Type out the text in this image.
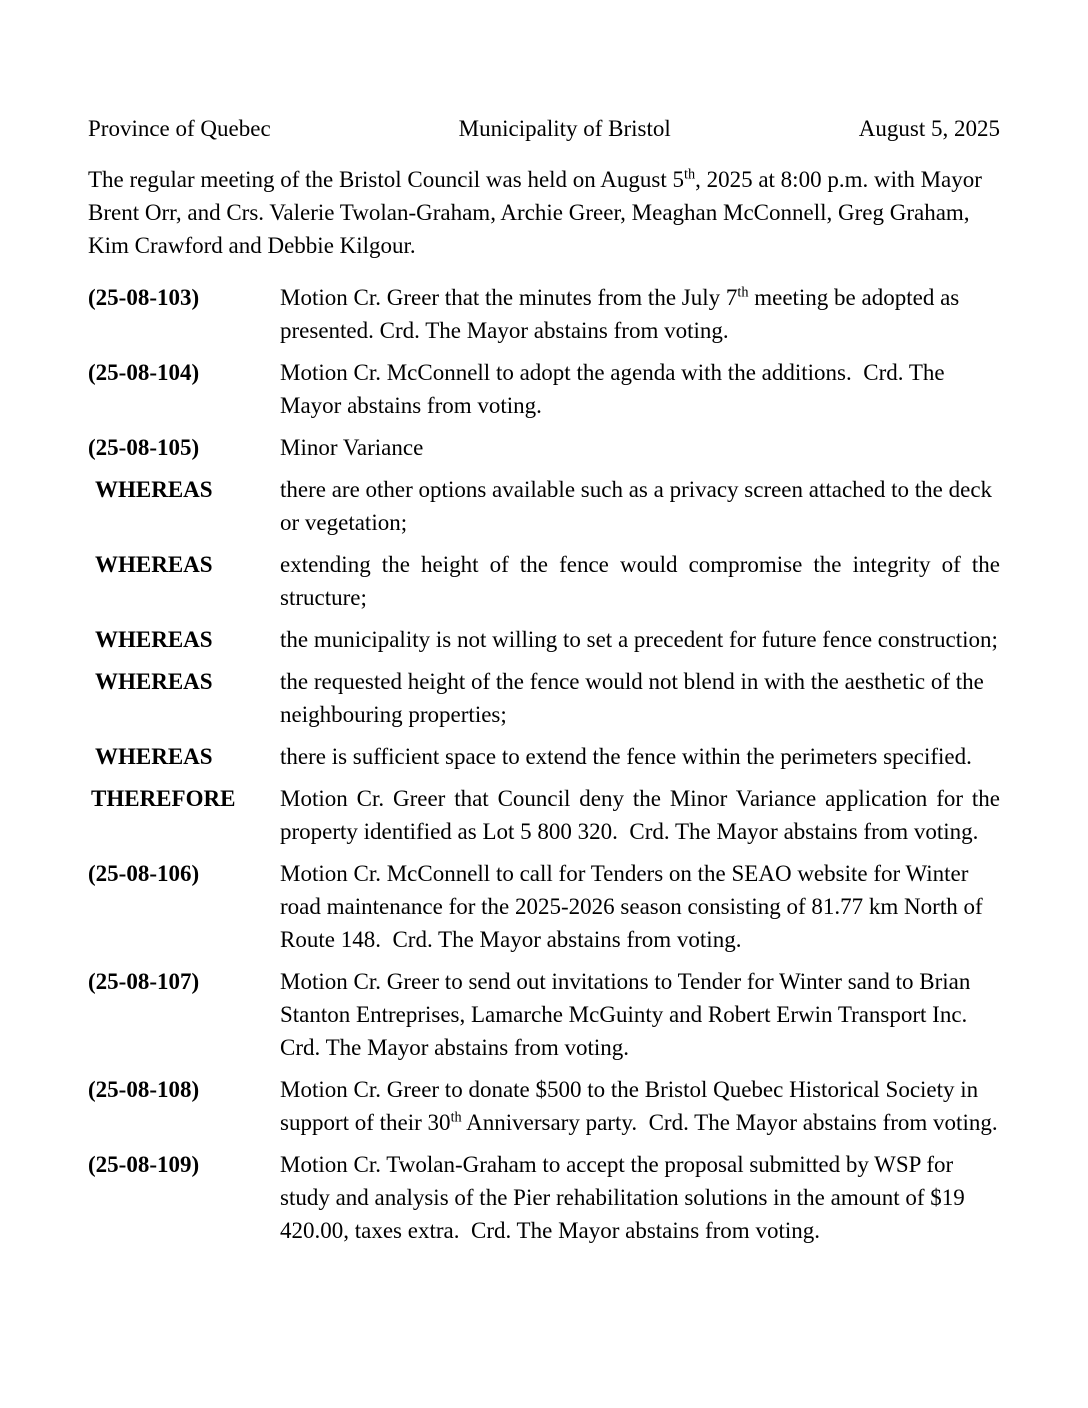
Province of Quebec	Municipality of Bristol	August 5, 2025

The regular meeting of the Bristol Council was held on August 5th, 2025 at 8:00 p.m. with Mayor Brent Orr, and Crs. Valerie Twolan-Graham, Archie Greer, Meaghan McConnell, Greg Graham, Kim Crawford and Debbie Kilgour.

(25-08-103)	Motion Cr. Greer that the minutes from the July 7th meeting be adopted as presented. Crd. The Mayor abstains from voting.
(25-08-104)	Motion Cr. McConnell to adopt the agenda with the additions.  Crd. The Mayor abstains from voting.
(25-08-105)	Minor Variance
WHEREAS	there are other options available such as a privacy screen attached to the deck or vegetation;
WHEREAS	extending the height of the fence would compromise the integrity of the structure;
WHEREAS	the municipality is not willing to set a precedent for future fence construction;
WHEREAS	the requested height of the fence would not blend in with the aesthetic of the neighbouring properties;
WHEREAS	there is sufficient space to extend the fence within the perimeters specified.
THEREFORE	Motion Cr. Greer that Council deny the Minor Variance application for the property identified as Lot 5 800 320.  Crd. The Mayor abstains from voting.
(25-08-106)	Motion Cr. McConnell to call for Tenders on the SEAO website for Winter road maintenance for the 2025-2026 season consisting of 81.77 km North of Route 148.  Crd. The Mayor abstains from voting.
(25-08-107)	Motion Cr. Greer to send out invitations to Tender for Winter sand to Brian Stanton Entreprises, Lamarche McGuinty and Robert Erwin Transport Inc.  Crd. The Mayor abstains from voting.
(25-08-108)	Motion Cr. Greer to donate $500 to the Bristol Quebec Historical Society in support of their 30th Anniversary party.  Crd. The Mayor abstains from voting.
(25-08-109)	Motion Cr. Twolan-Graham to accept the proposal submitted by WSP for study and analysis of the Pier rehabilitation solutions in the amount of $19 420.00, taxes extra.  Crd. The Mayor abstains from voting.
